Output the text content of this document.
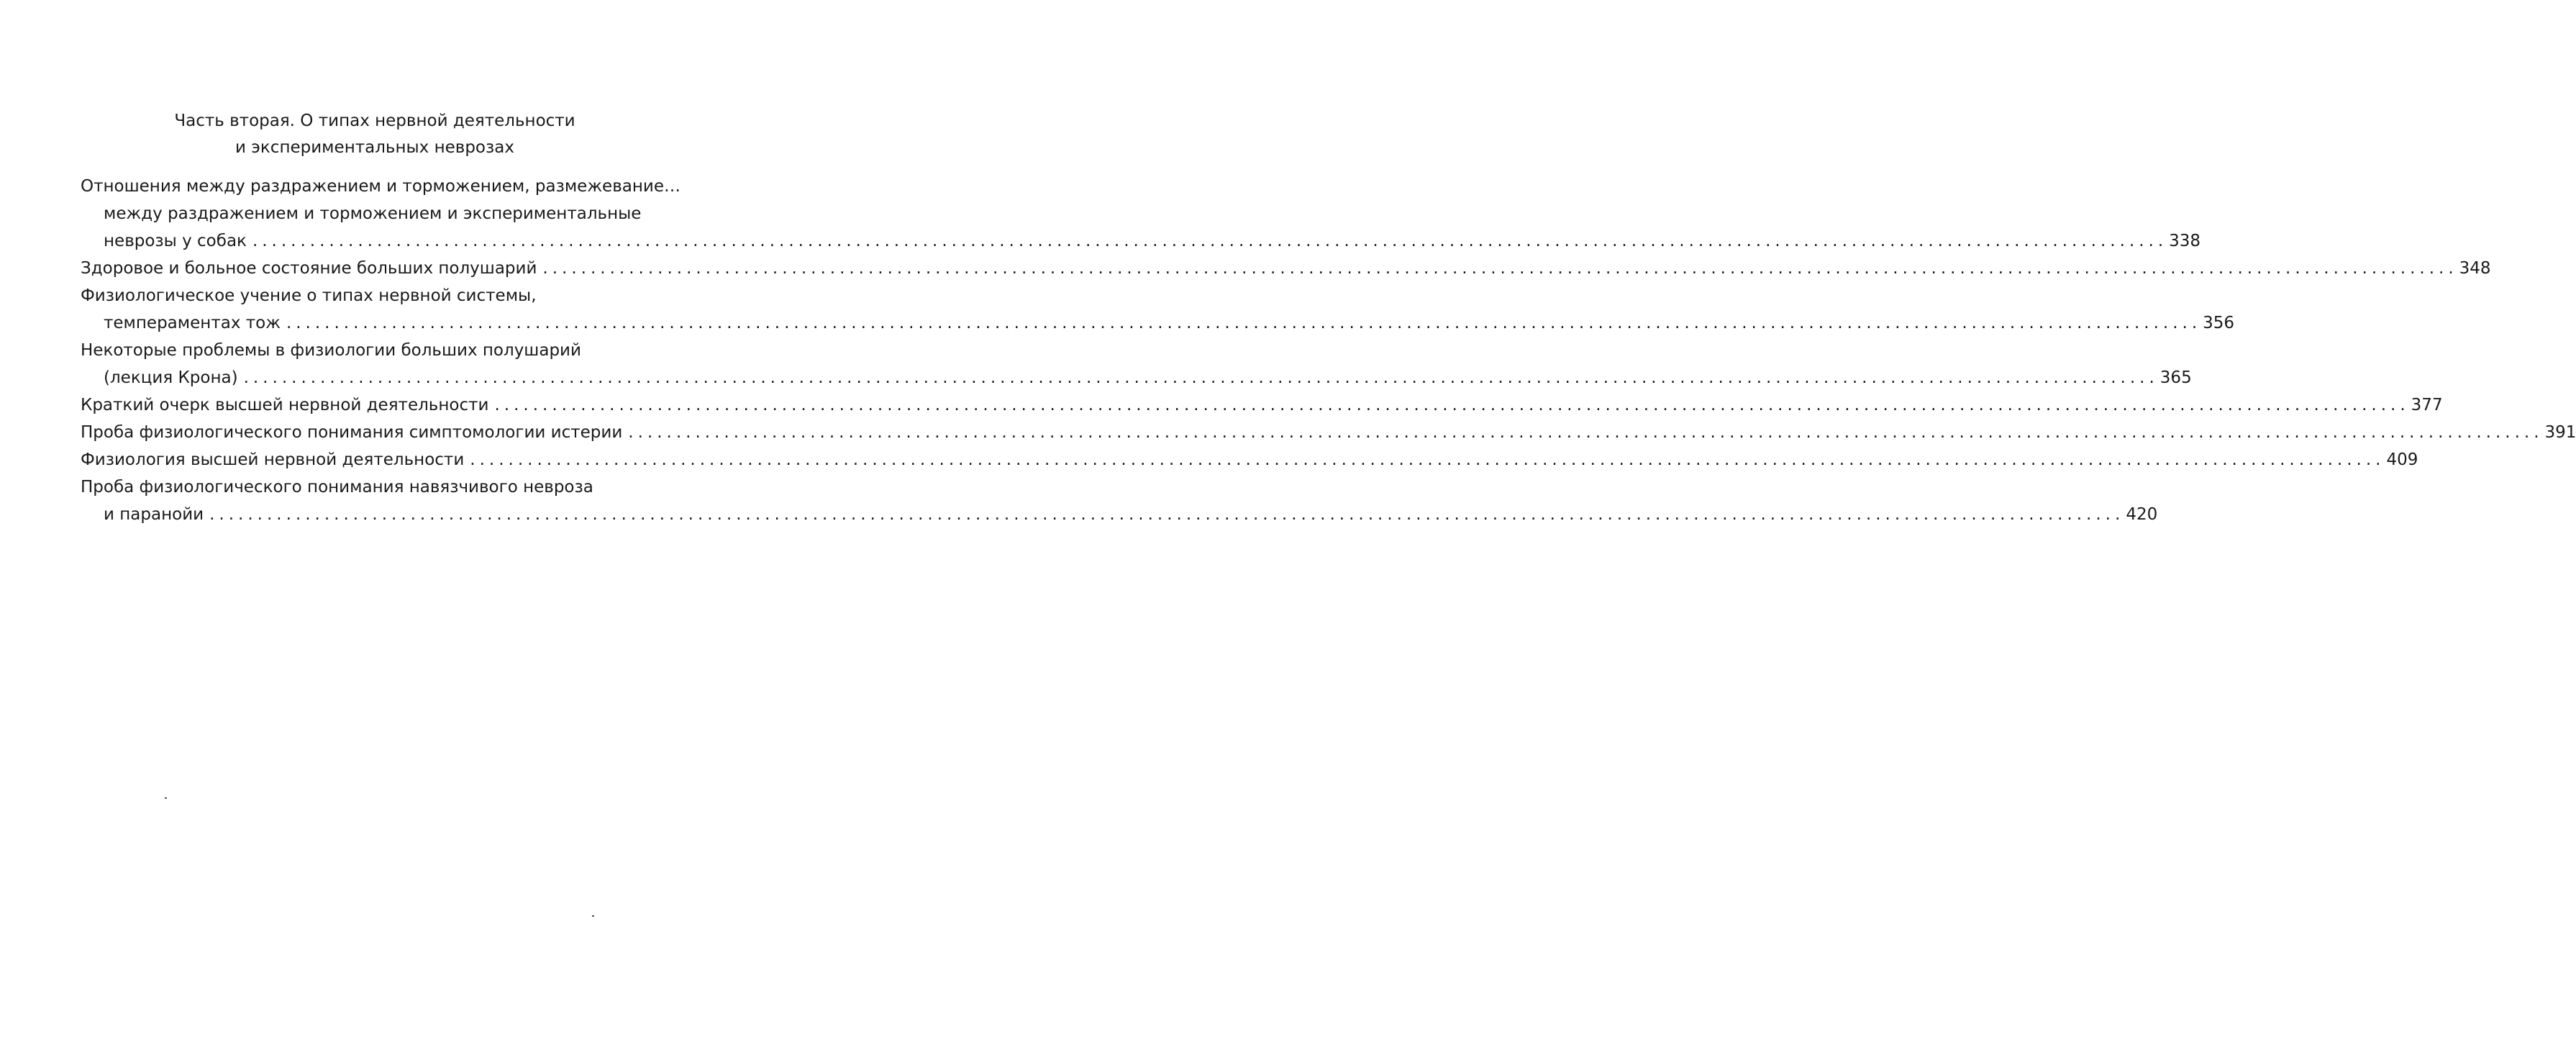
Часть вторая. О типах нервной деятельности
и экспериментальных неврозах
Отношения между раздражением и торможением, размежевание…
между раздражением и торможением и экспериментальные
неврозы у собак ........................................................................................................................................................................................................ 338
Здоровое и больное состояние больших полушарий ........................................................................................................................................................................................................ 348
Физиологическое учение о типах нервной системы,
темпераментах тож ........................................................................................................................................................................................................ 356
Некоторые проблемы в физиологии больших полушарий
(лекция Крона) ........................................................................................................................................................................................................ 365
Краткий очерк высшей нервной деятельности ........................................................................................................................................................................................................ 377
Проба физиологического понимания симптомологии истерии ........................................................................................................................................................................................................ 391
Физиология высшей нервной деятельности ........................................................................................................................................................................................................ 409
Проба физиологического понимания навязчивого невроза
и паранойи ........................................................................................................................................................................................................ 420
